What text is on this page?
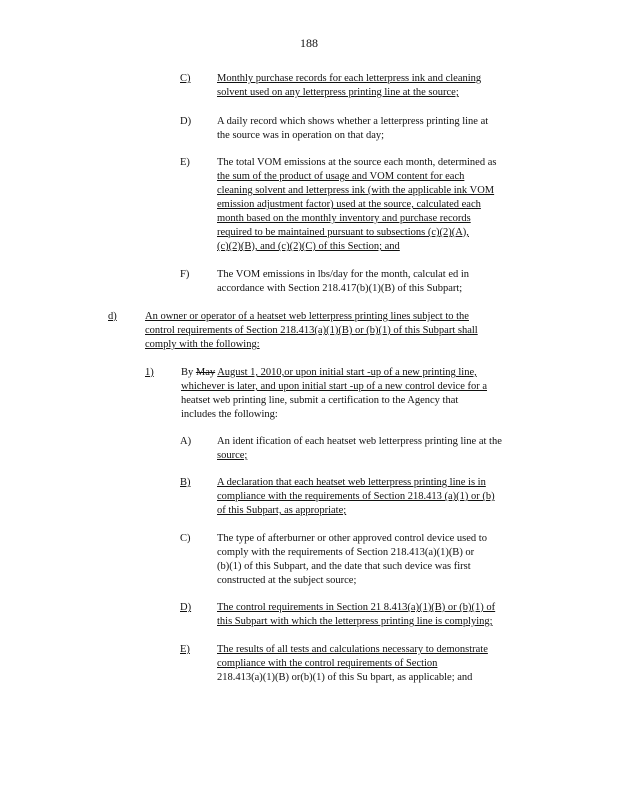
188
C)	Monthly purchase records for each letterpress ink and cleaning
solvent used on any letterpress printing line at the source;
D) A daily record which shows whether a letterpress printing line at
the source was in operation on that day;
E)	The total VOM emissions at the source each month, determined as
the sum of the product of usage and VOM content for each
cleaning solvent and letterpress ink (with the applicable ink VOM
emission adjustment factor) used at the source, calculated each
month based on the monthly inventory and purchase records
required to be maintained pursuant to subsections (c)(2)(A),
(c)(2)(B), and (c)(2)(C) of this Section; and
F)	The VOM emissions in lbs/day for the month, calculat ed in
accordance with Section 218.417(b)(1)(B) of this Subpart;
d)	An owner or operator of a heatset web letterpress printing lines subject to the
control requirements of Section 218.413(a)(1)(B) or (b)(1) of this Subpart shall
comply with the following:
1)	By May August 1, 2010,or upon initial start -up of a new printing line,
whichever is later, and upon initial start -up of a new control device for a
heatset web printing line, submit a certification to the Agency that
includes the following:
A) An ident ification of each heatset web letterpress printing line at the
source;
B)	A declaration that each heatset web letterpress printing line is in
compliance with the requirements of Section 218.413 (a)(1) or (b)
of this Subpart, as appropriate;
C)	The type of afterburner or other approved control device used to
comply with the requirements of Section 218.413(a)(1)(B) or
(b)(1) of this Subpart, and the date that such device was first
constructed at the subject source;
D) The control requirements in Section 21 8.413(a)(1)(B) or (b)(1) of
this Subpart with which the letterpress printing line is complying;
E)	The results of all tests and calculations necessary to demonstrate
compliance with the control requirements of Section
218.413(a)(1)(B) or(b)(1) of this Su bpart, as applicable; and
